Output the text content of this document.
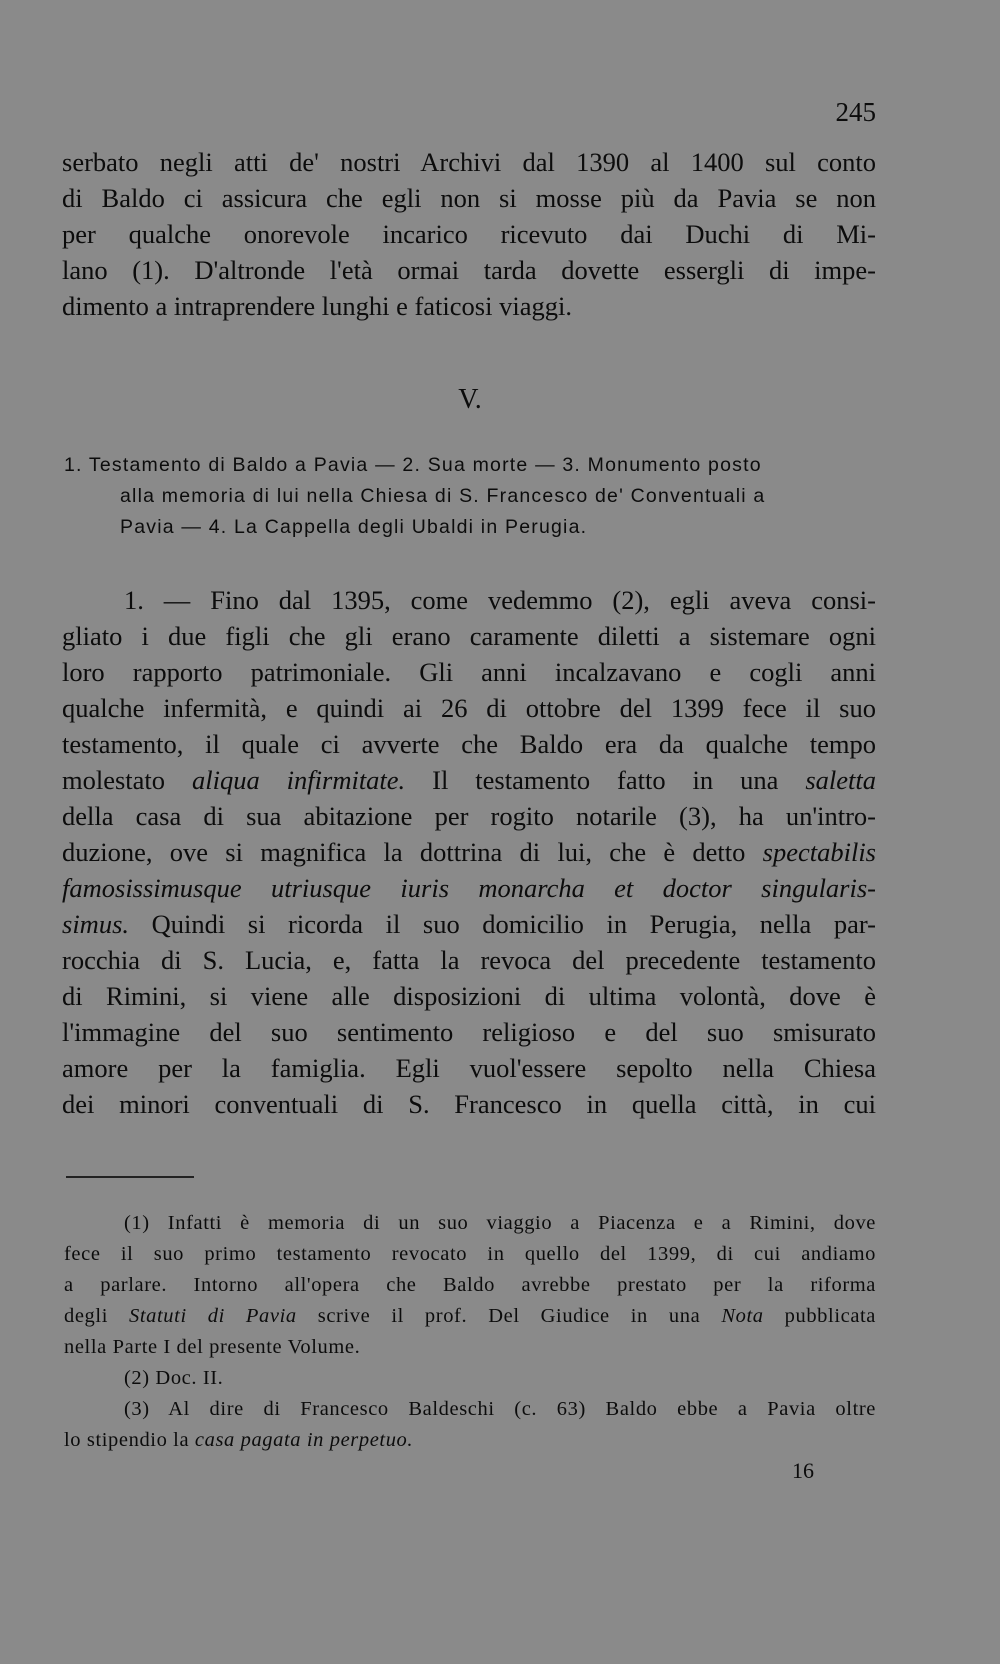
245
serbato negli atti de' nostri Archivi dal 1390 al 1400 sul conto
di Baldo ci assicura che egli non si mosse più da Pavia se non
per qualche onorevole incarico ricevuto dai Duchi di Mi-
lano (1). D'altronde l'età ormai tarda dovette essergli di impe-
dimento a intraprendere lunghi e faticosi viaggi.
V.
1. Testamento di Baldo a Pavia — 2. Sua morte — 3. Monumento posto
alla memoria di lui nella Chiesa di S. Francesco de' Conventuali a
Pavia — 4. La Cappella degli Ubaldi in Perugia.
1. — Fino dal 1395, come vedemmo (2), egli aveva consi-
gliato i due figli che gli erano caramente diletti a sistemare ogni
loro rapporto patrimoniale. Gli anni incalzavano e cogli anni
qualche infermità, e quindi ai 26 di ottobre del 1399 fece il suo
testamento, il quale ci avverte che Baldo era da qualche tempo
molestato aliqua infirmitate. Il testamento fatto in una saletta
della casa di sua abitazione per rogito notarile (3), ha un'intro-
duzione, ove si magnifica la dottrina di lui, che è detto spectabilis
famosissimusque utriusque iuris monarcha et doctor singularis-
simus. Quindi si ricorda il suo domicilio in Perugia, nella par-
rocchia di S. Lucia, e, fatta la revoca del precedente testamento
di Rimini, si viene alle disposizioni di ultima volontà, dove è
l'immagine del suo sentimento religioso e del suo smisurato
amore per la famiglia. Egli vuol'essere sepolto nella Chiesa
dei minori conventuali di S. Francesco in quella città, in cui
(1) Infatti è memoria di un suo viaggio a Piacenza e a Rimini, dove
fece il suo primo testamento revocato in quello del 1399, di cui andiamo
a parlare. Intorno all'opera che Baldo avrebbe prestato per la riforma
degli Statuti di Pavia scrive il prof. Del Giudice in una Nota pubblicata
nella Parte I del presente Volume.
(2) Doc. II.
(3) Al dire di Francesco Baldeschi (c. 63) Baldo ebbe a Pavia oltre
lo stipendio la casa pagata in perpetuo.
16
